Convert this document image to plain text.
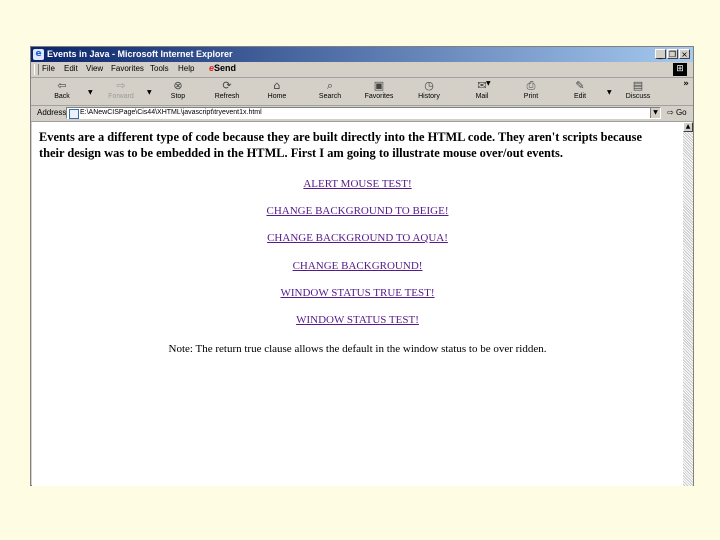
e Events in Java - Microsoft Internet Explorer	_ ❐ ×
File Edit View Favorites Tools Help eSend	⊞
⇦
Back
▼
⇨
Forward
▼
⊗
Stop
⟳
Refresh
⌂
Home
⌕
Search
▣
Favorites
◷
History
✉
Mail
▼	⎙
Print
✎
Edit
▼
▤
Discuss
»
Address E:\ANewCISPage\Cis44\XHTML\javascript\tryevent1x.html	▼ ⇨ Go
Events are a different type of code because they are built directly into the HTML code. They aren't scripts because their design was to be embedded in the HTML. First I am going to illustrate mouse over/out events.
ALERT MOUSE TEST!
CHANGE BACKGROUND TO BEIGE!
CHANGE BACKGROUND TO AQUA!
CHANGE BACKGROUND!
WINDOW STATUS TRUE TEST!
WINDOW STATUS TEST!
Note: The return true clause allows the default in the window status to be over ridden.
▲
